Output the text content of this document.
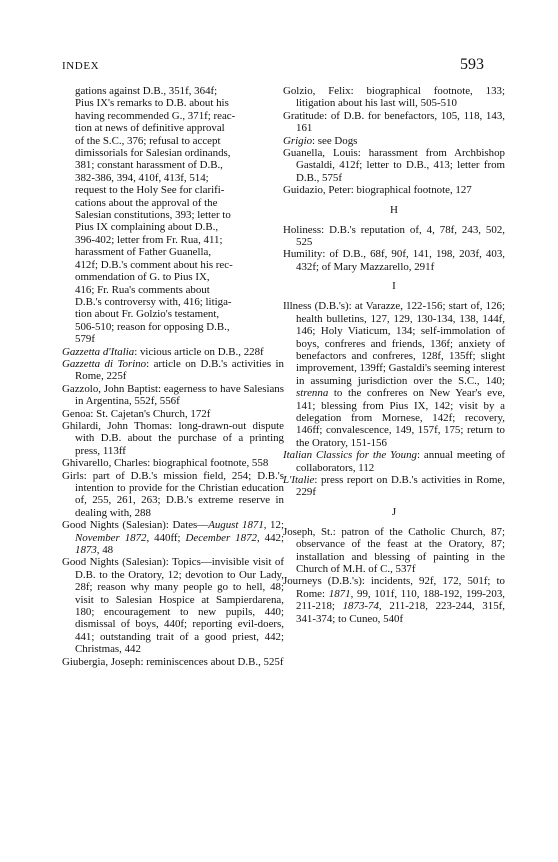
INDEX	593
gations against D.B., 351f, 364f;
Pius IX's remarks to D.B. about his
having recommended G., 371f; reac-
tion at news of definitive approval
of the S.C., 376; refusal to accept
dimissorials for Salesian ordinands,
381; constant harassment of D.B.,
382-386, 394, 410f, 413f, 514;
request to the Holy See for clarifi-
cations about the approval of the
Salesian constitutions, 393; letter to
Pius IX complaining about D.B.,
396-402; letter from Fr. Rua, 411;
harassment of Father Guanella,
412f; D.B.'s comment about his rec-
ommendation of G. to Pius IX,
416; Fr. Rua's comments about
D.B.'s controversy with, 416; litiga-
tion about Fr. Golzio's testament,
506-510; reason for opposing D.B.,
579f
Gazzetta d'Italia: vicious article on D.B., 228f
Gazzetta di Torino: article on D.B.'s activities in Rome, 225f
Gazzolo, John Baptist: eagerness to have Salesians in Argentina, 552f, 556f
Genoa: St. Cajetan's Church, 172f
Ghilardi, John Thomas: long-drawn-out dispute with D.B. about the purchase of a printing press, 113ff
Ghivarello, Charles: biographical footnote, 558
Girls: part of D.B.'s mission field, 254; D.B.'s intention to provide for the Christian education of, 255, 261, 263; D.B.'s extreme reserve in dealing with, 288
Good Nights (Salesian): Dates—August 1871, 12; November 1872, 440ff; December 1872, 442; 1873, 48
Good Nights (Salesian): Topics—invisible visit of D.B. to the Oratory, 12; devotion to Our Lady, 28f; reason why many people go to hell, 48; visit to Salesian Hospice at Sampierdarena, 180; encouragement to new pupils, 440; dismissal of boys, 440f; reporting evil-doers, 441; outstanding trait of a good priest, 442; Christmas, 442
Giubergia, Joseph: reminiscences about D.B., 525f
Golzio, Felix: biographical footnote, 133; litigation about his last will, 505-510
Gratitude: of D.B. for benefactors, 105, 118, 143, 161
Grigio: see Dogs
Guanella, Louis: harassment from Archbishop Gastaldi, 412f; letter to D.B., 413; letter from D.B., 575f
Guidazio, Peter: biographical footnote, 127
H
Holiness: D.B.'s reputation of, 4, 78f, 243, 502, 525
Humility: of D.B., 68f, 90f, 141, 198, 203f, 403, 432f; of Mary Mazzarello, 291f
I
Illness (D.B.'s): at Varazze, 122-156; start of, 126; health bulletins, 127, 129, 130-134, 138, 144f, 146; Holy Viaticum, 134; self-immolation of boys, confreres and friends, 136f; anxiety of benefactors and confreres, 128f, 135ff; slight improvement, 139ff; Gastaldi's seeming interest in assuming jurisdiction over the S.C., 140; strenna to the confreres on New Year's eve, 141; blessing from Pius IX, 142; visit by a delegation from Mornese, 142f; recovery, 146ff; convalescence, 149, 157f, 175; return to the Oratory, 151-156
Italian Classics for the Young: annual meeting of collaborators, 112
L'Italie: press report on D.B.'s activities in Rome, 229f
J
Joseph, St.: patron of the Catholic Church, 87; observance of the feast at the Oratory, 87; installation and blessing of painting in the Church of M.H. of C., 537f
Journeys (D.B.'s): incidents, 92f, 172, 501f; to Rome: 1871, 99, 101f, 110, 188-192, 199-203, 211-218; 1873-74, 211-218, 223-244, 315f, 341-374; to Cuneo, 540f
